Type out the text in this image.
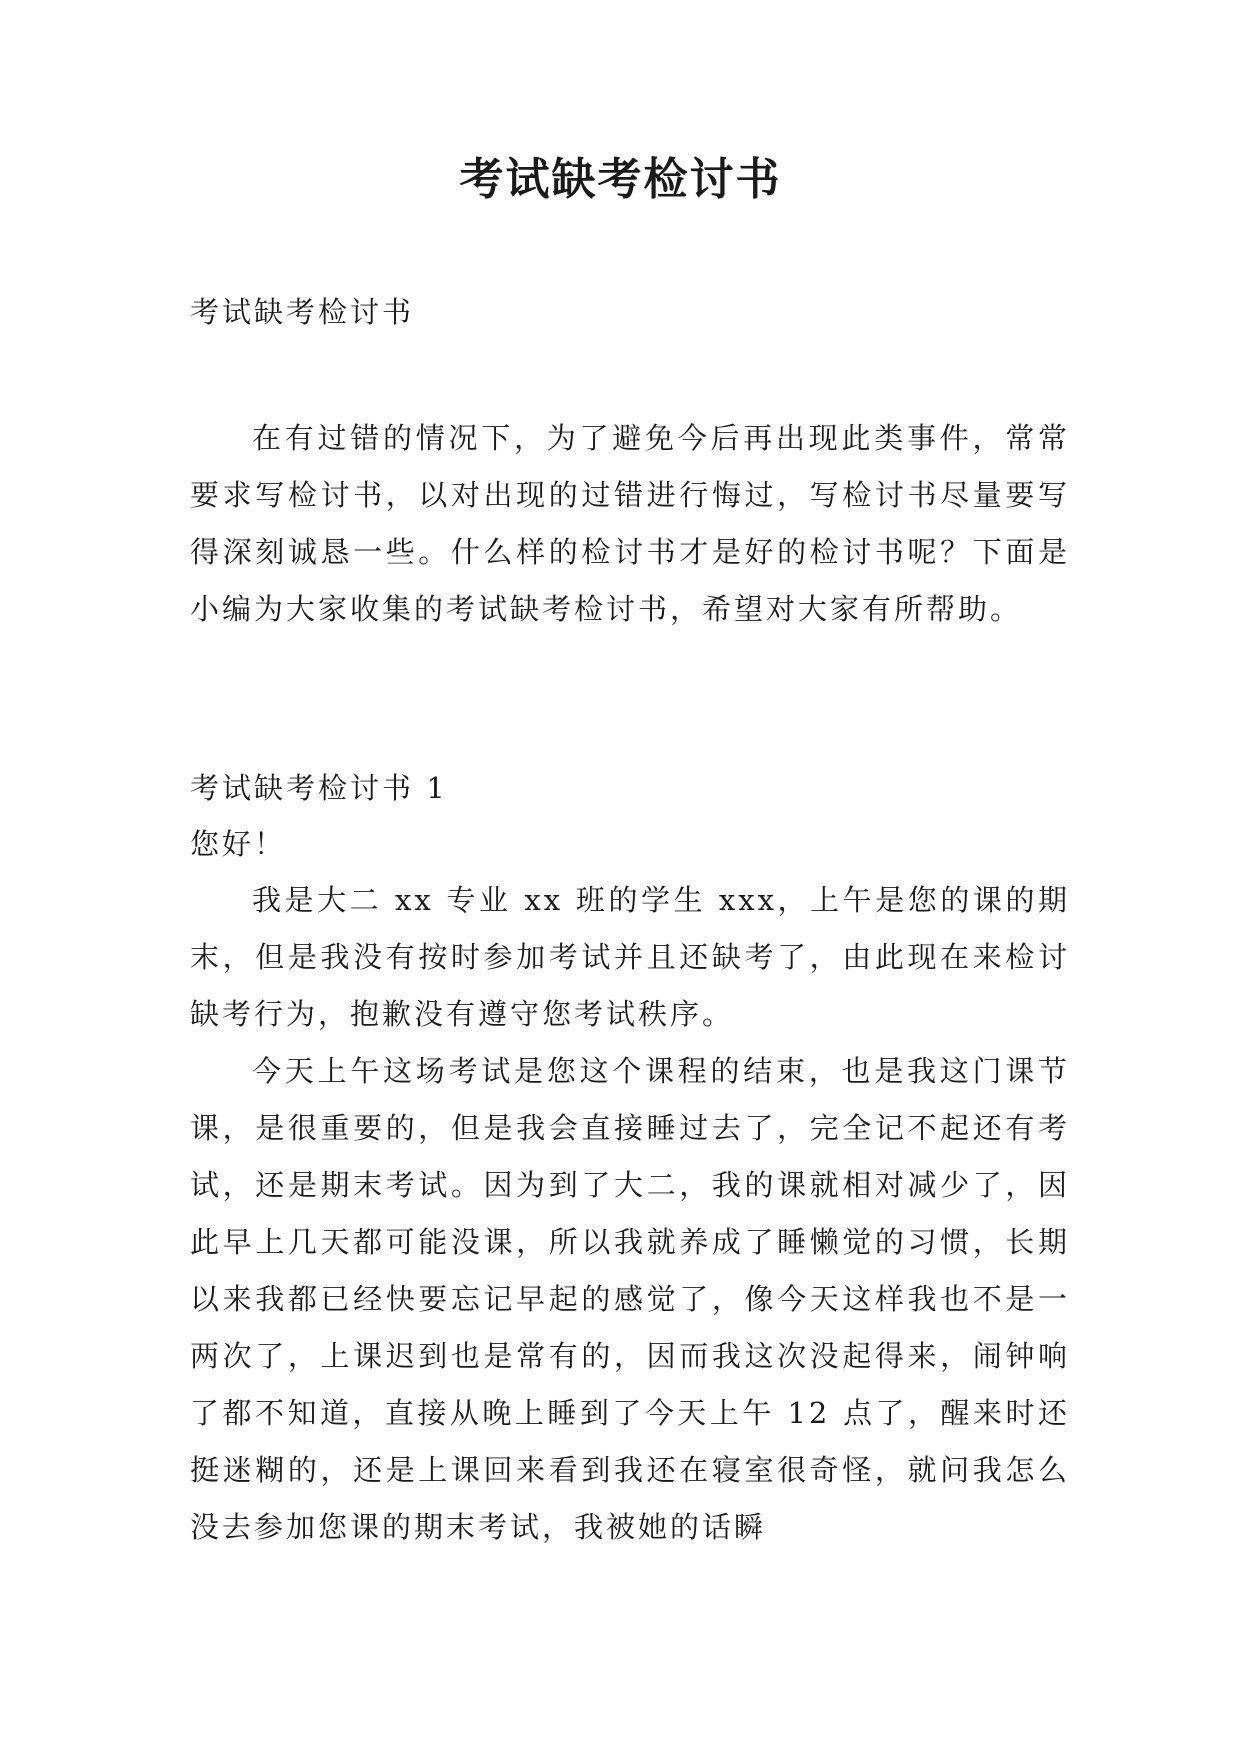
考试缺考检讨书

考试缺考检讨书

在有过错的情况下，为了避免今后再出现此类事件，常常要求写检讨书，以对出现的过错进行悔过，写检讨书尽量要写得深刻诚恳一些。什么样的检讨书才是好的检讨书呢？下面是小编为大家收集的考试缺考检讨书，希望对大家有所帮助。

考试缺考检讨书 1

您好！

我是大二 xx 专业 xx 班的学生 xxx，上午是您的课的期末，但是我没有按时参加考试并且还缺考了，由此现在来检讨缺考行为，抱歉没有遵守您考试秩序。

今天上午这场考试是您这个课程的结束，也是我这门课节课，是很重要的，但是我会直接睡过去了，完全记不起还有考试，还是期末考试。因为到了大二，我的课就相对减少了，因此早上几天都可能没课，所以我就养成了睡懒觉的习惯，长期以来我都已经快要忘记早起的感觉了，像今天这样我也不是一两次了，上课迟到也是常有的，因而我这次没起得来，闹钟响了都不知道，直接从晚上睡到了今天上午 12 点了，醒来时还挺迷糊的，还是上课回来看到我还在寝室很奇怪，就问我怎么没去参加您课的期末考试，我被她的话瞬
